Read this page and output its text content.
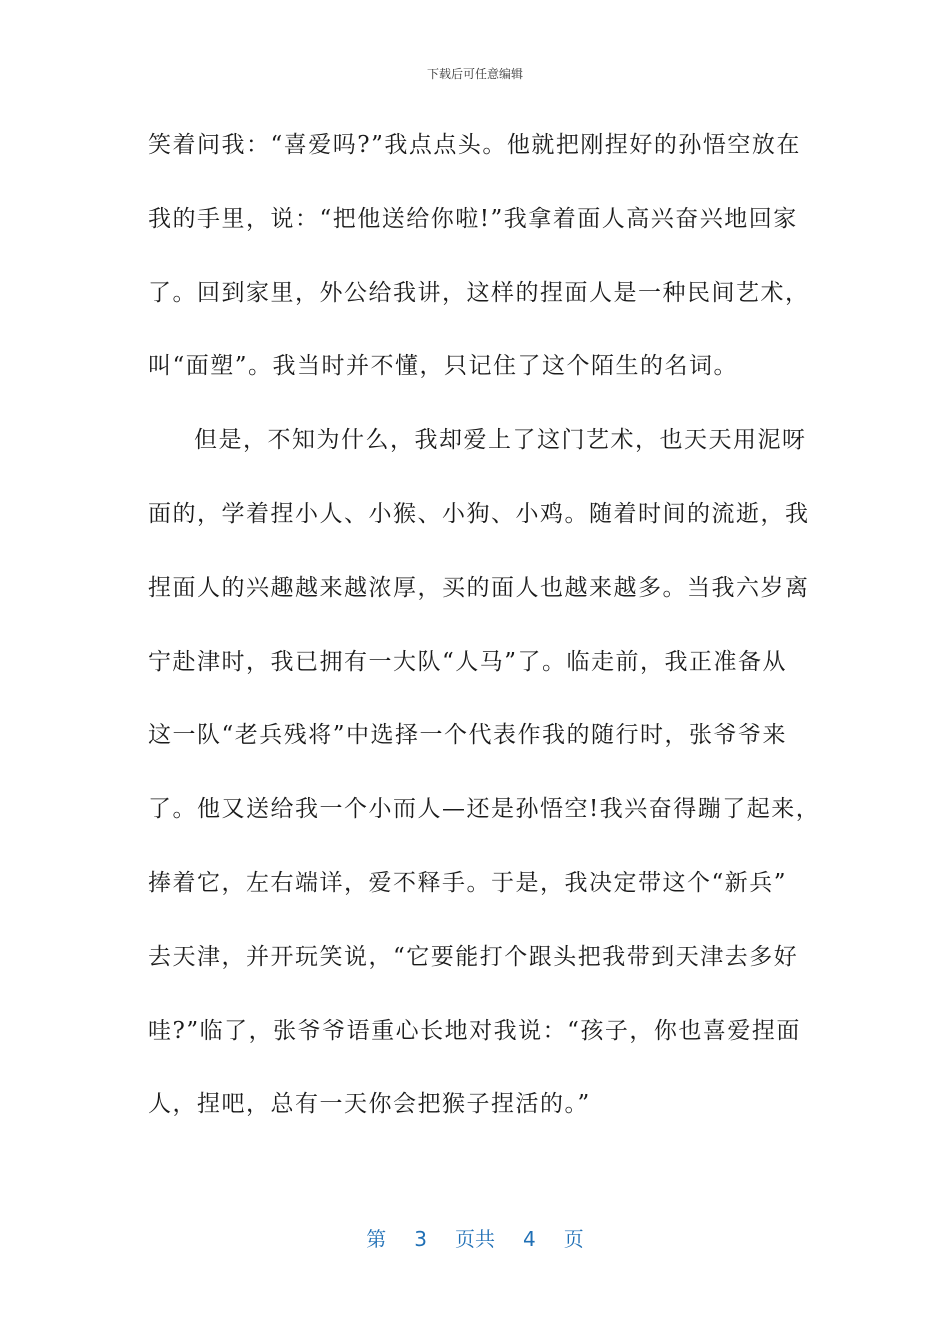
下载后可任意编辑
笑着问我：“喜爱吗?”我点点头。他就把刚捏好的孙悟空放在
我的手里，说：“把他送给你啦!”我拿着面人高兴奋兴地回家
了。回到家里，外公给我讲，这样的捏面人是一种民间艺术，
叫“面塑”。我当时并不懂，只记住了这个陌生的名词。
但是，不知为什么，我却爱上了这门艺术，也天天用泥呀
面的，学着捏小人、小猴、小狗、小鸡。随着时间的流逝，我
捏面人的兴趣越来越浓厚，买的面人也越来越多。当我六岁离
宁赴津时，我已拥有一大队“人马”了。临走前，我正准备从
这一队“老兵残将”中选择一个代表作我的随行时，张爷爷来
了。他又送给我一个小而人—还是孙悟空!我兴奋得蹦了起来，
捧着它，左右端详，爱不释手。于是，我决定带这个“新兵”
去天津，并开玩笑说，“它要能打个跟头把我带到天津去多好
哇?”临了，张爷爷语重心长地对我说：“孩子，你也喜爱捏面
人，捏吧，总有一天你会把猴子捏活的。”
第 3 页共 4 页
